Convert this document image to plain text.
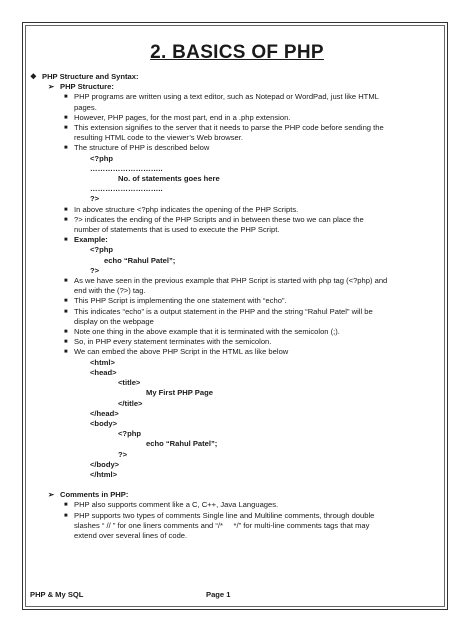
2. BASICS OF PHP
❖ PHP Structure and Syntax:
➢ PHP Structure:
■ PHP programs are written using a text editor, such as Notepad or WordPad, just like HTML
pages.
■ However, PHP pages, for the most part, end in a .php extension.
■ This extension signifies to the server that it needs to parse the PHP code before sending the
resulting HTML code to the viewer’s Web browser.
■ The structure of PHP is described below
<?php
………………………..
No. of statements goes here
………………………..
?>
■ In above structure <?php indicates the opening of the PHP Scripts.
■ ?> indicates the ending of the PHP Scripts and in between these two we can place the
number of statements that is used to execute the PHP Script.
■ Example:
<?php
echo “Rahul Patel”;
?>
■ As we have seen in the previous example that PHP Script is started with php tag (<?php) and
end with the (?>) tag.
■ This PHP Script is implementing the one statement with “echo”.
■ This indicates “echo” is a output statement in the PHP and the string “Rahul Patel” will be
display on the webpage
■ Note one thing in the above example that it is terminated with the semicolon (;).
■ So, in PHP every statement terminates with the semicolon.
■ We can embed the above PHP Script in the HTML as like below
<html>
<head>
<title>
My First PHP Page
</title>
</head>
<body>
<?php
echo “Rahul Patel”;
?>
</body>
</html>
➢ Comments in PHP:
■ PHP also supports comment like a C, C++, Java Languages.
■ PHP supports two types of comments Single line and Multiline comments, through double
slashes “ // ” for one liners comments and “/*     */” for multi-line comments tags that may
extend over several lines of code.
PHP & My SQL	Page 1
